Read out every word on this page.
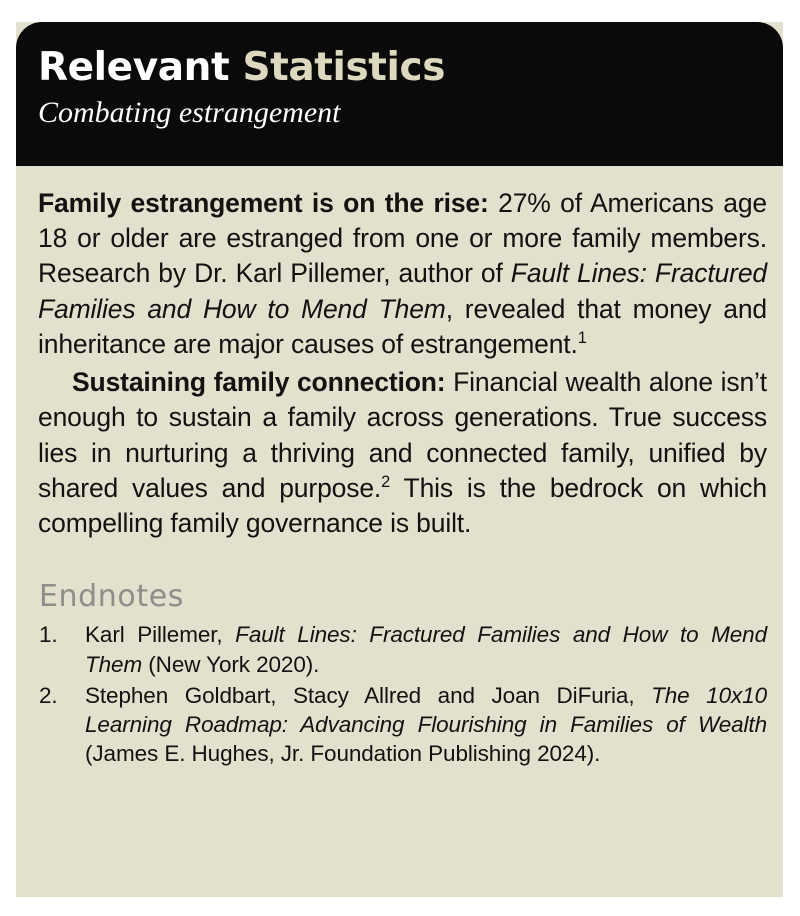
Relevant Statistics
Combating estrangement

Family estrangement is on the rise: 27% of Americans age 18 or older are estranged from one or more family members. Research by Dr. Karl Pillemer, author of Fault Lines: Fractured Families and How to Mend Them, revealed that money and inheritance are major causes of estrangement.$^1$

Sustaining family connection: Financial wealth alone isn’t enough to sustain a family across generations. True success lies in nurturing a thriving and connected family, unified by shared values and purpose.$^2$ This is the bedrock on which compelling family governance is built.

Endnotes
1.	Karl Pillemer, Fault Lines: Fractured Families and How to Mend Them (New York 2020).
2.	Stephen Goldbart, Stacy Allred and Joan DiFuria, The 10x10 Learning Roadmap: Advancing Flourishing in Families of Wealth (James E. Hughes, Jr. Foundation Publishing 2024).
